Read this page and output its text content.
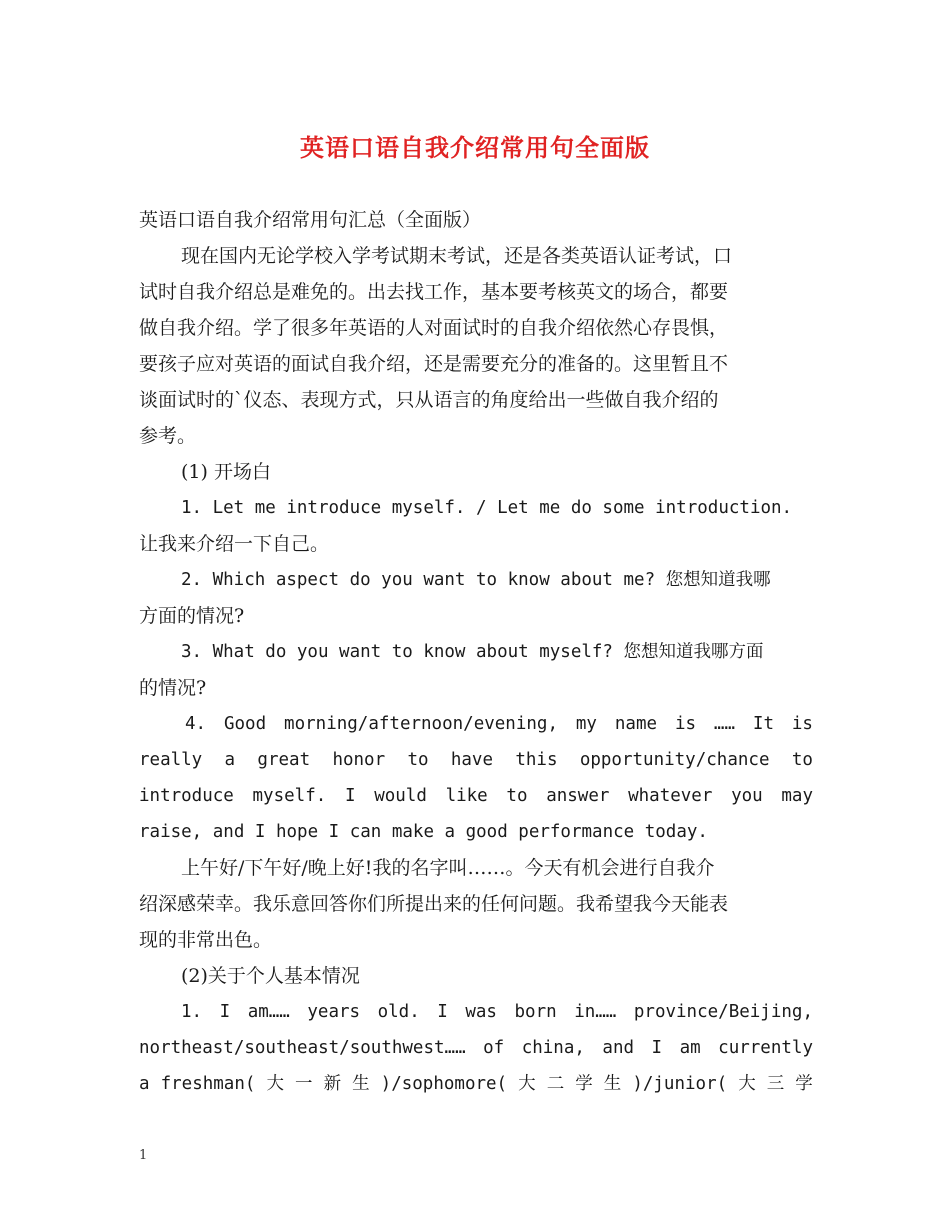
英语口语自我介绍常用句全面版
英语口语自我介绍常用句汇总（全面版）
现在国内无论学校入学考试期末考试，还是各类英语认证考试，口
试时自我介绍总是难免的。出去找工作，基本要考核英文的场合，都要
做自我介绍。学了很多年英语的人对面试时的自我介绍依然心存畏惧，
要孩子应对英语的面试自我介绍，还是需要充分的准备的。这里暂且不
谈面试时的`仪态、表现方式，只从语言的角度给出一些做自我介绍的
参考。
(1) 开场白
1. Let me introduce myself. / Let me do some introduction.
让我来介绍一下自己。
2. Which aspect do you want to know about me? 您想知道我哪
方面的情况?
3. What do you want to know about myself? 您想知道我哪方面
的情况?
4. Good morning/afternoon/evening, my name is …… It is
really a great honor to have this opportunity/chance to
introduce myself. I would like to answer whatever you may
raise, and I hope I can make a good performance today.
上午好/下午好/晚上好!我的名字叫……。今天有机会进行自我介
绍深感荣幸。我乐意回答你们所提出来的任何问题。我希望我今天能表
现的非常出色。
(2)关于个人基本情况
1. I am…… years old. I was born in…… province/Beijing,
northeast/southeast/southwest…… of china, and I am currently
a freshman( 大 一 新 生 )/sophomore( 大 二 学 生 )/junior( 大 三 学
1
